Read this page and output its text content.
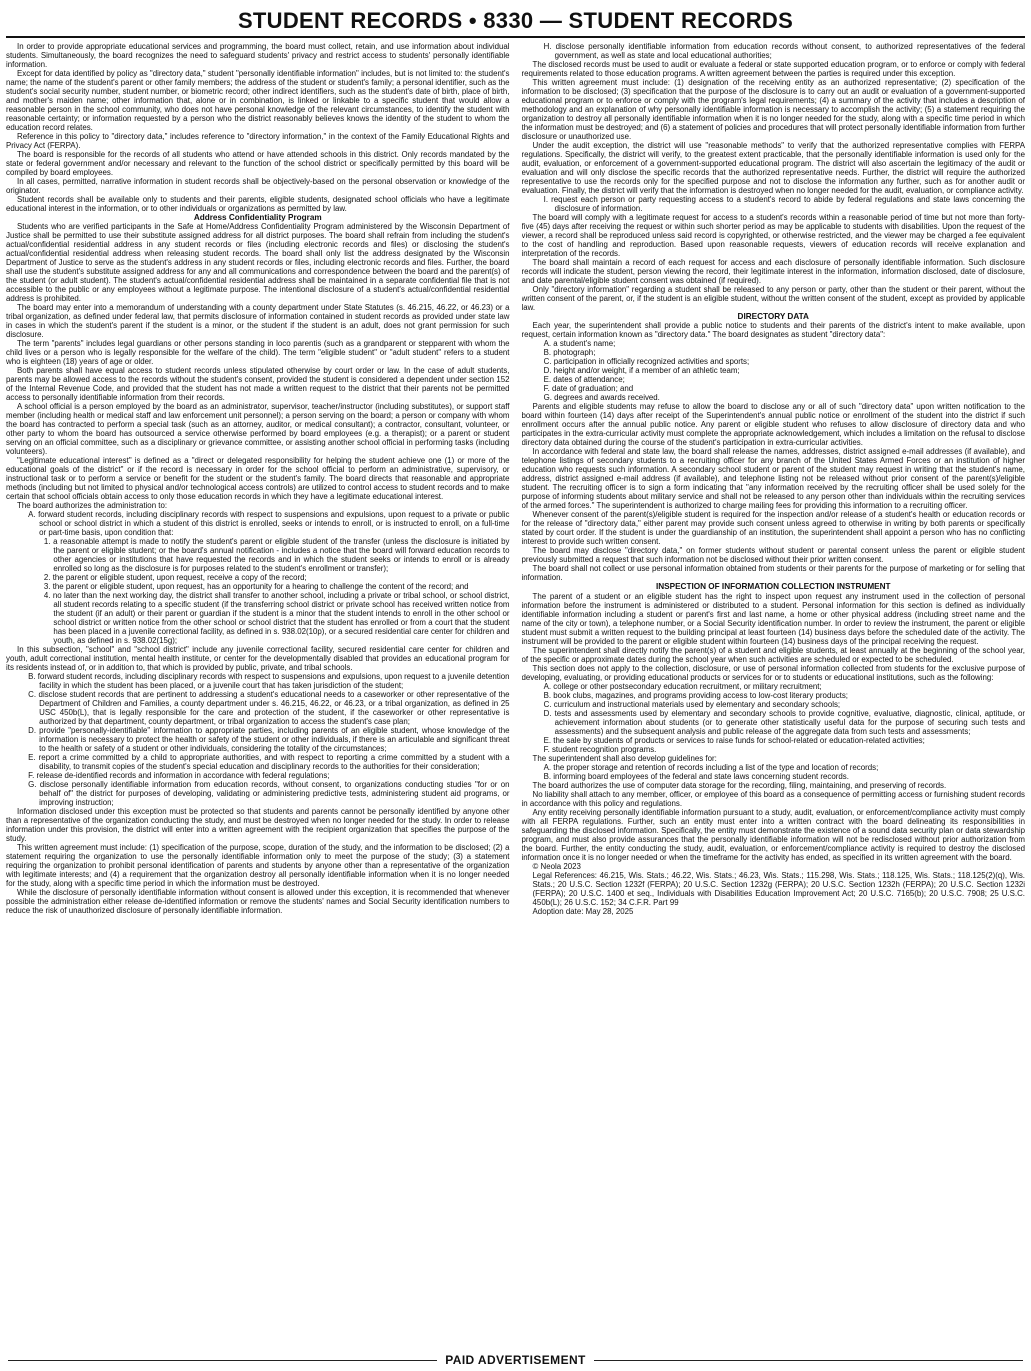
STUDENT RECORDS • 8330 — STUDENT RECORDS

In order to provide appropriate educational services and programming, the board must collect, retain, and use information about individual students. Simultaneously, the board recognizes the need to safeguard students' privacy and restrict access to students' personally identifiable information.

Except for data identified by policy as "directory data," student "personally identifiable information" includes, but is not limited to: the student's name; the name of the student's parent or other family members; the address of the student or student's family; a personal identifier, such as the student's social security number, student number, or biometric record; other indirect identifiers, such as the student's date of birth, place of birth, and mother's maiden name; other information that, alone or in combination, is linked or linkable to a specific student that would allow a reasonable person in the school community, who does not have personal knowledge of the relevant circumstances, to identify the student with reasonable certainty; or information requested by a person who the district reasonably believes knows the identity of the student to whom the education record relates.

Reference in this policy to "directory data," includes reference to "directory information," in the context of the Family Educational Rights and Privacy Act (FERPA).

The board is responsible for the records of all students who attend or have attended schools in this district. Only records mandated by the state or federal government and/or necessary and relevant to the function of the school district or specifically permitted by this board will be compiled by board employees.

In all cases, permitted, narrative information in student records shall be objectively-based on the personal observation or knowledge of the originator.

Student records shall be available only to students and their parents, eligible students, designated school officials who have a legitimate educational interest in the information, or to other individuals or organizations as permitted by law.

Address Confidentiality Program

Students who are verified participants in the Safe at Home/Address Confidentiality Program administered by the Wisconsin Department of Justice shall be permitted to use their substitute assigned address for all district purposes. The board shall refrain from including the student's actual/confidential residential address in any student records or files (including electronic records and files) or disclosing the student's actual/confidential residential address when releasing student records. The board shall only list the address designated by the Wisconsin Department of Justice to serve as the student's address in any student records or files, including electronic records and files. Further, the board shall use the student's substitute assigned address for any and all communications and correspondence between the board and the parent(s) of the student (or adult student). The student's actual/confidential residential address shall be maintained in a separate confidential file that is not accessible to the public or any employees without a legitimate purpose. The intentional disclosure of a student's actual/confidential residential address is prohibited.

The board may enter into a memorandum of understanding with a county department under State Statutes (s. 46.215, 46.22, or 46.23) or a tribal organization, as defined under federal law, that permits disclosure of information contained in student records as provided under state law in cases in which the student's parent if the student is a minor, or the student if the student is an adult, does not grant permission for such disclosure.

The term "parents" includes legal guardians or other persons standing in loco parentis (such as a grandparent or stepparent with whom the child lives or a person who is legally responsible for the welfare of the child). The term "eligible student" or "adult student" refers to a student who is eighteen (18) years of age or older.

Both parents shall have equal access to student records unless stipulated otherwise by court order or law. In the case of adult students, parents may be allowed access to the records without the student's consent, provided the student is considered a dependent under section 152 of the Internal Revenue Code, and provided that the student has not made a written request to the district that their parents not be permitted access to personally identifiable information from their records.

A school official is a person employed by the board as an administrator, supervisor, teacher/instructor (including substitutes), or support staff member (including health or medical staff and law enforcement unit personnel); a person serving on the board; a person or company with whom the board has contracted to perform a special task (such as an attorney, auditor, or medical consultant); a contractor, consultant, volunteer, or other party to whom the board has outsourced a service otherwise performed by board employees (e.g. a therapist); or a parent or student serving on an official committee, such as a disciplinary or grievance committee, or assisting another school official in performing tasks (including volunteers).

"Legitimate educational interest" is defined as a "direct or delegated responsibility for helping the student achieve one (1) or more of the educational goals of the district" or if the record is necessary in order for the school official to perform an administrative, supervisory, or instructional task or to perform a service or benefit for the student or the student's family. The board directs that reasonable and appropriate methods (including but not limited to physical and/or technological access controls) are utilized to control access to student records and to make certain that school officials obtain access to only those education records in which they have a legitimate educational interest.

The board authorizes the administration to:

A. forward student records, including disciplinary records with respect to suspensions and expulsions, upon request to a private or public school or school district in which a student of this district is enrolled, seeks or intends to enroll, or is instructed to enroll, on a full-time or part-time basis, upon condition that:
1. a reasonable attempt is made to notify the student's parent or eligible student of the transfer (unless the disclosure is initiated by the parent or eligible student; or the board's annual notification - includes a notice that the board will forward education records to other agencies or institutions that have requested the records and in which the student seeks or intends to enroll or is already enrolled so long as the disclosure is for purposes related to the student's enrollment or transfer);
2. the parent or eligible student, upon request, receive a copy of the record;
3. the parent or eligible student, upon request, has an opportunity for a hearing to challenge the content of the record; and
4. no later than the next working day, the district shall transfer to another school, including a private or tribal school, or school district, all student records relating to a specific student (if the transferring school district or private school has received written notice from the student (if an adult) or their parent or guardian if the student is a minor that the student intends to enroll in the other school or school district or written notice from the other school or school district that the student has enrolled or from a court that the student has been placed in a juvenile correctional facility, as defined in s. 938.02(10p), or a secured residential care center for children and youth, as defined in s. 938.02(15g);

In this subsection, "school" and "school district" include any juvenile correctional facility, secured residential care center for children and youth, adult correctional institution, mental health institute, or center for the developmentally disabled that provides an educational program for its residents instead of, or in addition to, that which is provided by public, private, and tribal schools.

B. forward student records, including disciplinary records with respect to suspensions and expulsions, upon request to a juvenile detention facility in which the student has been placed, or a juvenile court that has taken jurisdiction of the student;
C. disclose student records that are pertinent to addressing a student's educational needs to a caseworker or other representative of the Department of Children and Families, a county department under s. 46.215, 46.22, or 46.23, or a tribal organization, as defined in 25 USC 450b(L), that is legally responsible for the care and protection of the student, if the caseworker or other representative is authorized by that department, county department, or tribal organization to access the student's case plan;
D. provide "personally-identifiable" information to appropriate parties, including parents of an eligible student, whose knowledge of the information is necessary to protect the health or safety of the student or other individuals, if there is an articulable and significant threat to the health or safety of a student or other individuals, considering the totality of the circumstances;
E. report a crime committed by a child to appropriate authorities, and with respect to reporting a crime committed by a student with a disability, to transmit copies of the student's special education and disciplinary records to the authorities for their consideration;
F. release de-identified records and information in accordance with federal regulations;
G. disclose personally identifiable information from education records, without consent, to organizations conducting studies "for or on behalf of" the district for purposes of developing, validating or administering predictive tests, administering student aid programs, or improving instruction;

Information disclosed under this exception must be protected so that students and parents cannot be personally identified by anyone other than a representative of the organization conducting the study, and must be destroyed when no longer needed for the study. In order to release information under this provision, the district will enter into a written agreement with the recipient organization that specifies the purpose of the study.

This written agreement must include: (1) specification of the purpose, scope, duration of the study, and the information to be disclosed; (2) a statement requiring the organization to use the personally identifiable information only to meet the purpose of the study; (3) a statement requiring the organization to prohibit personal identification of parents and students by anyone other than a representative of the organization with legitimate interests; and (4) a requirement that the organization destroy all personally identifiable information when it is no longer needed for the study, along with a specific time period in which the information must be destroyed.

While the disclosure of personally identifiable information without consent is allowed under this exception, it is recommended that whenever possible the administration either release de-identified information or remove the students' names and Social Security identification numbers to reduce the risk of unauthorized disclosure of personally identifiable information.

H. disclose personally identifiable information from education records without consent, to authorized representatives of the federal government, as well as state and local educational authorities;

The disclosed records must be used to audit or evaluate a federal or state supported education program, or to enforce or comply with federal requirements related to those education programs. A written agreement between the parties is required under this exception.

This written agreement must include: (1) designation of the receiving entity as an authorized representative; (2) specification of the information to be disclosed; (3) specification that the purpose of the disclosure is to carry out an audit or evaluation of a government-supported educational program or to enforce or comply with the program's legal requirements; (4) a summary of the activity that includes a description of methodology and an explanation of why personally identifiable information is necessary to accomplish the activity; (5) a statement requiring the organization to destroy all personally identifiable information when it is no longer needed for the study, along with a specific time period in which the information must be destroyed; and (6) a statement of policies and procedures that will protect personally identifiable information from further disclosure or unauthorized use.

Under the audit exception, the district will use "reasonable methods" to verify that the authorized representative complies with FERPA regulations. Specifically, the district will verify, to the greatest extent practicable, that the personally identifiable information is used only for the audit, evaluation, or enforcement of a government-supported educational program. The district will also ascertain the legitimacy of the audit or evaluation and will only disclose the specific records that the authorized representative needs. Further, the district will require the authorized representative to use the records only for the specified purpose and not to disclose the information any further, such as for another audit or evaluation. Finally, the district will verify that the information is destroyed when no longer needed for the audit, evaluation, or compliance activity.

I. request each person or party requesting access to a student's record to abide by federal regulations and state laws concerning the disclosure of information.

The board will comply with a legitimate request for access to a student's records within a reasonable period of time but not more than forty-five (45) days after receiving the request or within such shorter period as may be applicable to students with disabilities. Upon the request of the viewer, a record shall be reproduced unless said record is copyrighted, or otherwise restricted, and the viewer may be charged a fee equivalent to the cost of handling and reproduction. Based upon reasonable requests, viewers of education records will receive explanation and interpretation of the records.

The board shall maintain a record of each request for access and each disclosure of personally identifiable information. Such disclosure records will indicate the student, person viewing the record, their legitimate interest in the information, information disclosed, date of disclosure, and date parental/eligible student consent was obtained (if required).

Only "directory information" regarding a student shall be released to any person or party, other than the student or their parent, without the written consent of the parent, or, if the student is an eligible student, without the written consent of the student, except as provided by applicable law.

DIRECTORY DATA

Each year, the superintendent shall provide a public notice to students and their parents of the district's intent to make available, upon request, certain information known as "directory data." The board designates as student "directory data":

A. a student's name;
B. photograph;
C. participation in officially recognized activities and sports;
D. height and/or weight, if a member of an athletic team;
E. dates of attendance;
F. date of graduation; and
G. degrees and awards received.

Parents and eligible students may refuse to allow the board to disclose any or all of such "directory data" upon written notification to the board within fourteen (14) days after receipt of the Superintendent's annual public notice or enrollment of the student into the district if such enrollment occurs after the annual public notice. Any parent or eligible student who refuses to allow disclosure of directory data and who participates in the extra-curricular activity must complete the appropriate acknowledgement, which includes a limitation on the refusal to disclose directory data obtained during the course of the student's participation in extra-curricular activities.

In accordance with federal and state law, the board shall release the names, addresses, district assigned e-mail addresses (if available), and telephone listings of secondary students to a recruiting officer for any branch of the United States Armed Forces or an institution of higher education who requests such information. A secondary school student or parent of the student may request in writing that the student's name, address, district assigned e-mail address (if available), and telephone listing not be released without prior consent of the parent(s)/eligible student. The recruiting officer is to sign a form indicating that "any information received by the recruiting officer shall be used solely for the purpose of informing students about military service and shall not be released to any person other than individuals within the recruiting services of the armed forces." The superintendent is authorized to charge mailing fees for providing this information to a recruiting officer.

Whenever consent of the parent(s)/eligible student is required for the inspection and/or release of a student's health or education records or for the release of "directory data," either parent may provide such consent unless agreed to otherwise in writing by both parents or specifically stated by court order. If the student is under the guardianship of an institution, the superintendent shall appoint a person who has no conflicting interest to provide such written consent.

The board may disclose "directory data," on former students without student or parental consent unless the parent or eligible student previously submitted a request that such information not be disclosed without their prior written consent.

The board shall not collect or use personal information obtained from students or their parents for the purpose of marketing or for selling that information.

INSPECTION OF INFORMATION COLLECTION INSTRUMENT

The parent of a student or an eligible student has the right to inspect upon request any instrument used in the collection of personal information before the instrument is administered or distributed to a student. Personal information for this section is defined as individually identifiable information including a student or parent's first and last name, a home or other physical address (including street name and the name of the city or town), a telephone number, or a Social Security identification number. In order to review the instrument, the parent or eligible student must submit a written request to the building principal at least fourteen (14) business days before the scheduled date of the activity. The instrument will be provided to the parent or eligible student within fourteen (14) business days of the principal receiving the request.

The superintendent shall directly notify the parent(s) of a student and eligible students, at least annually at the beginning of the school year, of the specific or approximate dates during the school year when such activities are scheduled or expected to be scheduled.

This section does not apply to the collection, disclosure, or use of personal information collected from students for the exclusive purpose of developing, evaluating, or providing educational products or services for or to students or educational institutions, such as the following:

A. college or other postsecondary education recruitment, or military recruitment;
B. book clubs, magazines, and programs providing access to low-cost literary products;
C. curriculum and instructional materials used by elementary and secondary schools;
D. tests and assessments used by elementary and secondary schools to provide cognitive, evaluative, diagnostic, clinical, aptitude, or achievement information about students (or to generate other statistically useful data for the purpose of securing such tests and assessments) and the subsequent analysis and public release of the aggregate data from such tests and assessments;
E. the sale by students of products or services to raise funds for school-related or education-related activities;
F. student recognition programs.

The superintendent shall also develop guidelines for:

A. the proper storage and retention of records including a list of the type and location of records;
B. informing board employees of the federal and state laws concerning student records.

The board authorizes the use of computer data storage for the recording, filing, maintaining, and preserving of records.

No liability shall attach to any member, officer, or employee of this board as a consequence of permitting access or furnishing student records in accordance with this policy and regulations.

Any entity receiving personally identifiable information pursuant to a study, audit, evaluation, or enforcement/compliance activity must comply with all FERPA regulations. Further, such an entity must enter into a written contract with the board delineating its responsibilities in safeguarding the disclosed information. Specifically, the entity must demonstrate the existence of a sound data security plan or data stewardship program, and must also provide assurances that the personally identifiable information will not be redisclosed without prior authorization from the board. Further, the entity conducting the study, audit, evaluation, or enforcement/compliance activity is required to destroy the disclosed information once it is no longer needed or when the timeframe for the activity has ended, as specified in its written agreement with the board.

© Neola 2023
Legal References: 46.215, Wis. Stats.; 46.22, Wis. Stats.; 46.23, Wis. Stats.; 115.298, Wis. Stats.; 118.125, Wis. Stats.; 118.125(2)(q), Wis. Stats.; 20 U.S.C. Section 1232f (FERPA); 20 U.S.C. Section 1232g (FERPA); 20 U.S.C. Section 1232h (FERPA); 20 U.S.C. Section 1232i (FERPA); 20 U.S.C. 1400 et seq., Individuals with Disabilities Education Improvement Act; 20 U.S.C. 7165(b); 20 U.S.C. 7908; 25 U.S.C. 450b(L); 26 U.S.C. 152; 34 C.F.R. Part 99
Adoption date: May 28, 2025
PAID ADVERTISEMENT
